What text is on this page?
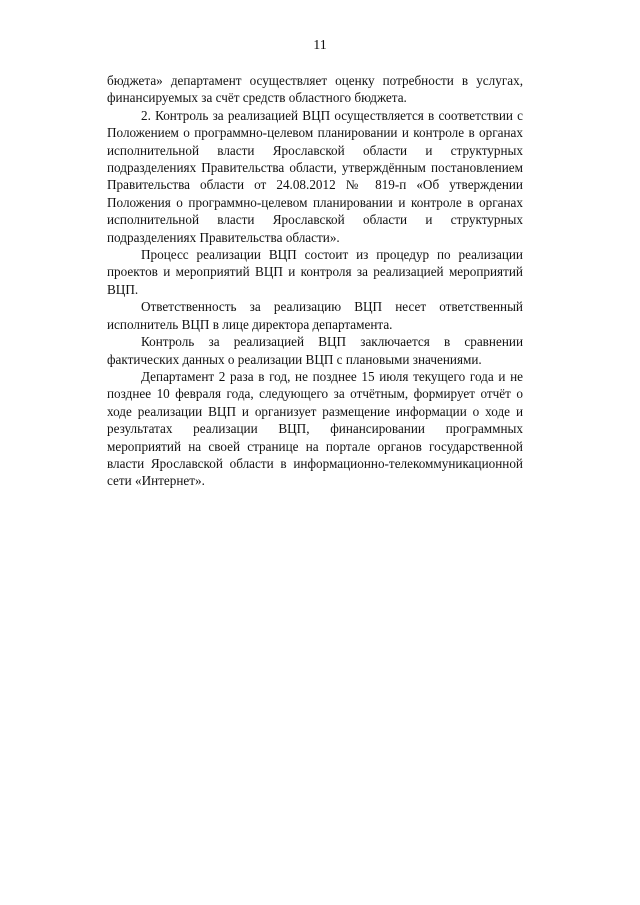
11

бюджета» департамент осуществляет оценку потребности в услугах, финансируемых за счёт средств областного бюджета.

2. Контроль за реализацией ВЦП осуществляется в соответствии с Положением о программно-целевом планировании и контроле в органах исполнительной власти Ярославской области и структурных подразделениях Правительства области, утверждённым постановлением Правительства области от 24.08.2012 № 819-п «Об утверждении Положения о программно-целевом планировании и контроле в органах исполнительной власти Ярославской области и структурных подразделениях Правительства области».

Процесс реализации ВЦП состоит из процедур по реализации проектов и мероприятий ВЦП и контроля за реализацией мероприятий ВЦП.

Ответственность за реализацию ВЦП несет ответственный исполнитель ВЦП в лице директора департамента.

Контроль за реализацией ВЦП заключается в сравнении фактических данных о реализации ВЦП с плановыми значениями.

Департамент 2 раза в год, не позднее 15 июля текущего года и не позднее 10 февраля года, следующего за отчётным, формирует отчёт о ходе реализации ВЦП и организует размещение информации о ходе и результатах реализации ВЦП, финансировании программных мероприятий на своей странице на портале органов государственной власти Ярославской области в информационно-телекоммуникационной сети «Интернет».
